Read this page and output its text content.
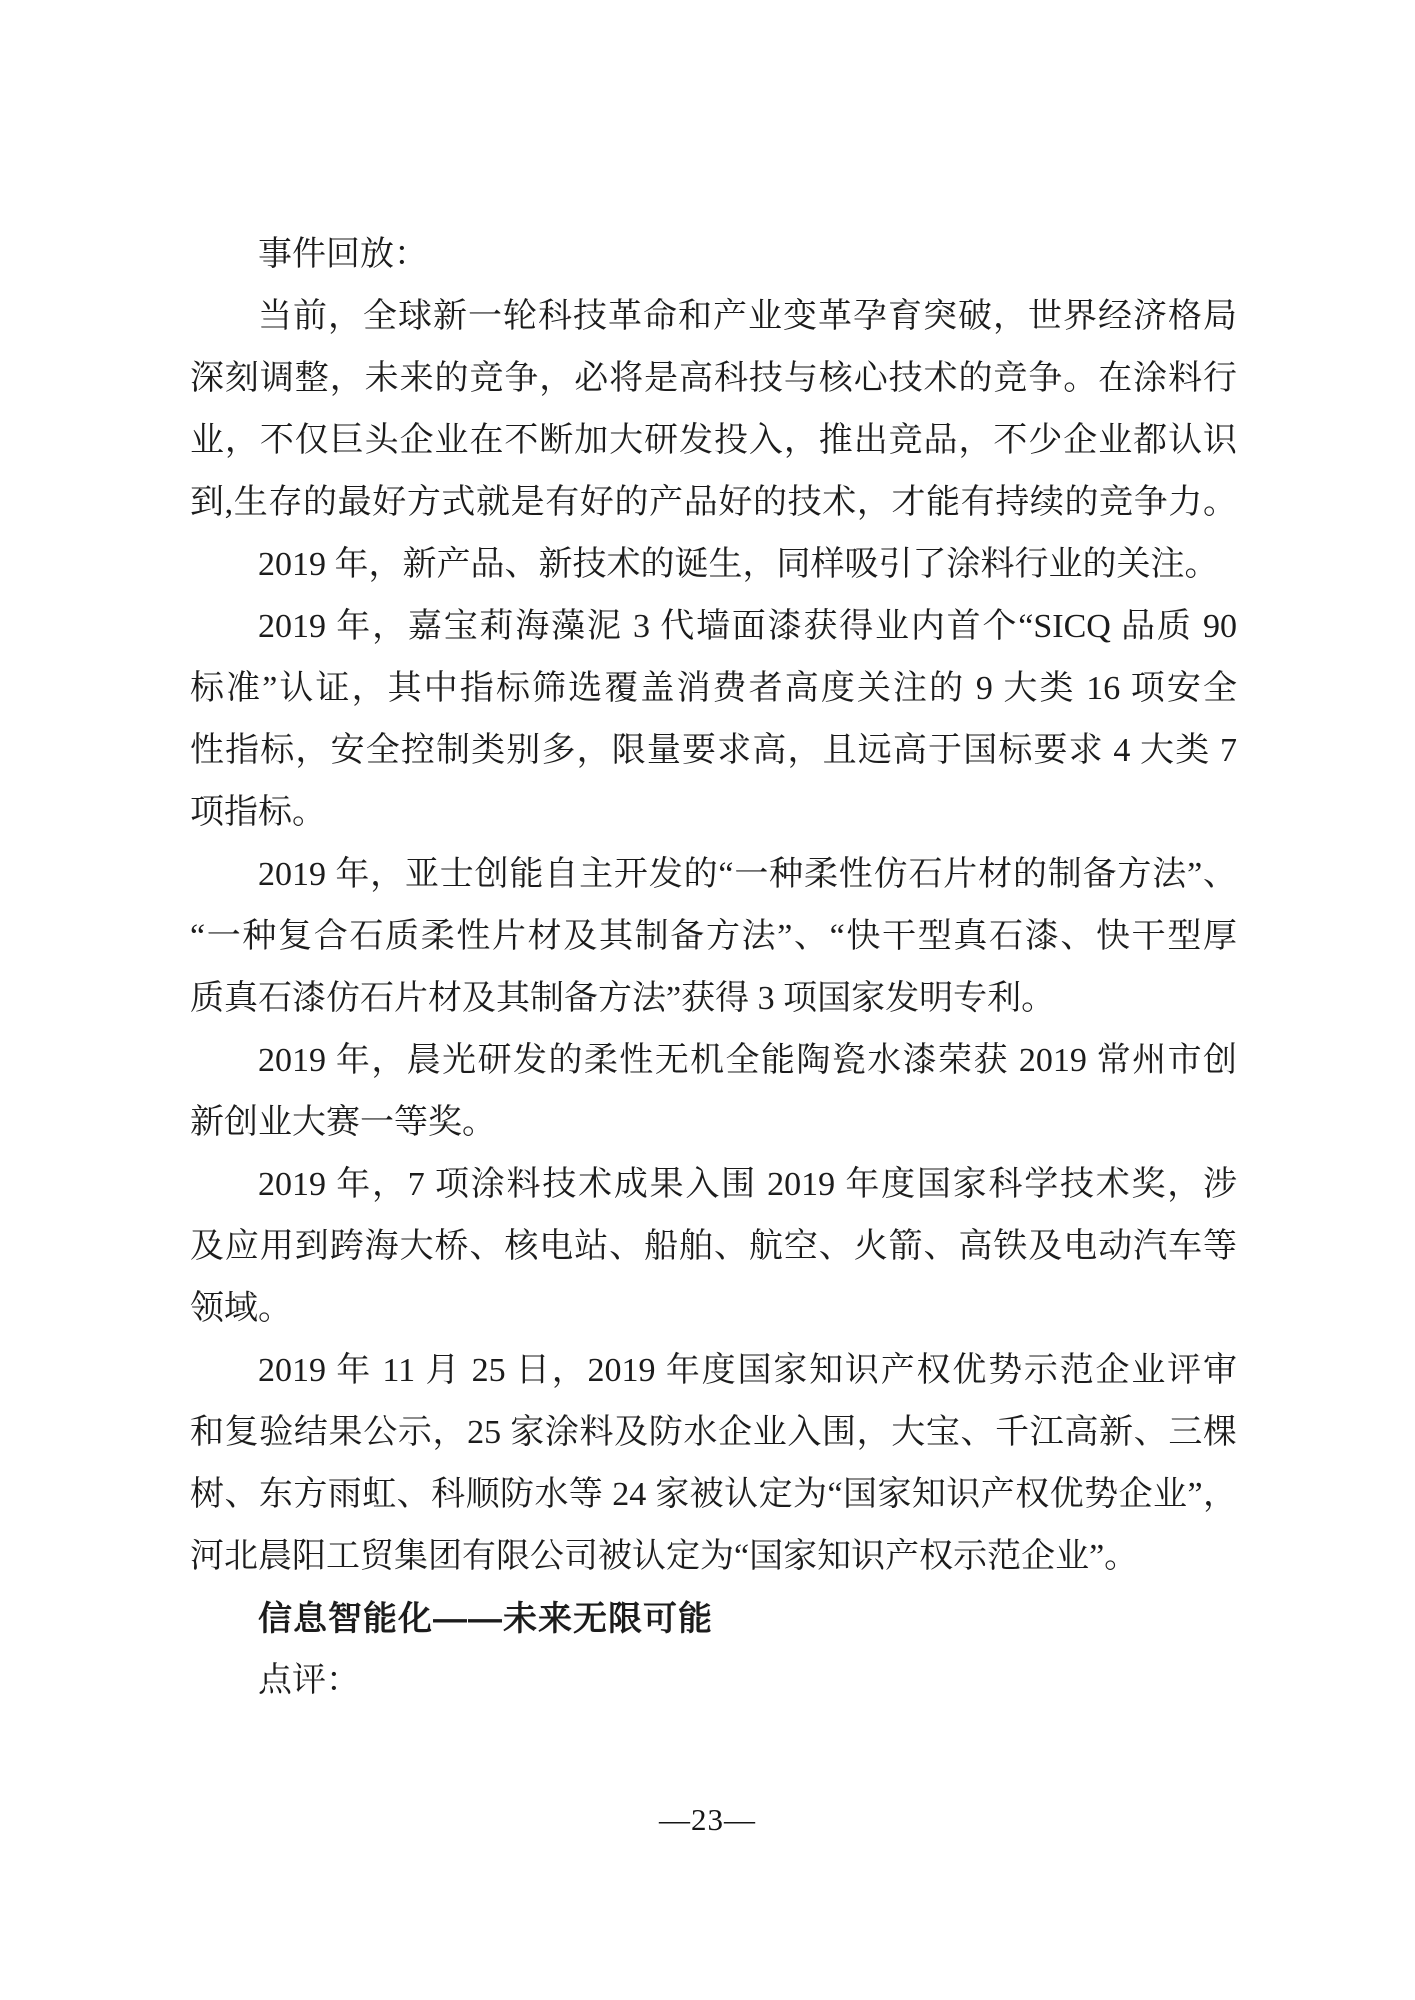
事件回放：
当前，全球新一轮科技革命和产业变革孕育突破，世界经济格局
深刻调整，未来的竞争，必将是高科技与核心技术的竞争。在涂料行
业，不仅巨头企业在不断加大研发投入，推出竞品，不少企业都认识
到,生存的最好方式就是有好的产品好的技术，才能有持续的竞争力。
2019 年，新产品、新技术的诞生，同样吸引了涂料行业的关注。
2019 年，嘉宝莉海藻泥 3 代墙面漆获得业内首个“SICQ 品质 90
标准”认证，其中指标筛选覆盖消费者高度关注的 9 大类 16 项安全
性指标，安全控制类别多，限量要求高，且远高于国标要求 4 大类 7
项指标。
2019 年，亚士创能自主开发的“一种柔性仿石片材的制备方法”、
“一种复合石质柔性片材及其制备方法”、“快干型真石漆、快干型厚
质真石漆仿石片材及其制备方法”获得 3 项国家发明专利。
2019 年，晨光研发的柔性无机全能陶瓷水漆荣获 2019 常州市创
新创业大赛一等奖。
2019 年，7 项涂料技术成果入围 2019 年度国家科学技术奖，涉
及应用到跨海大桥、核电站、船舶、航空、火箭、高铁及电动汽车等
领域。
2019 年 11 月 25 日，2019 年度国家知识产权优势示范企业评审
和复验结果公示，25 家涂料及防水企业入围，大宝、千江高新、三棵
树、东方雨虹、科顺防水等 24 家被认定为“国家知识产权优势企业”，
河北晨阳工贸集团有限公司被认定为“国家知识产权示范企业”。
信息智能化——未来无限可能
点评：
—23—
